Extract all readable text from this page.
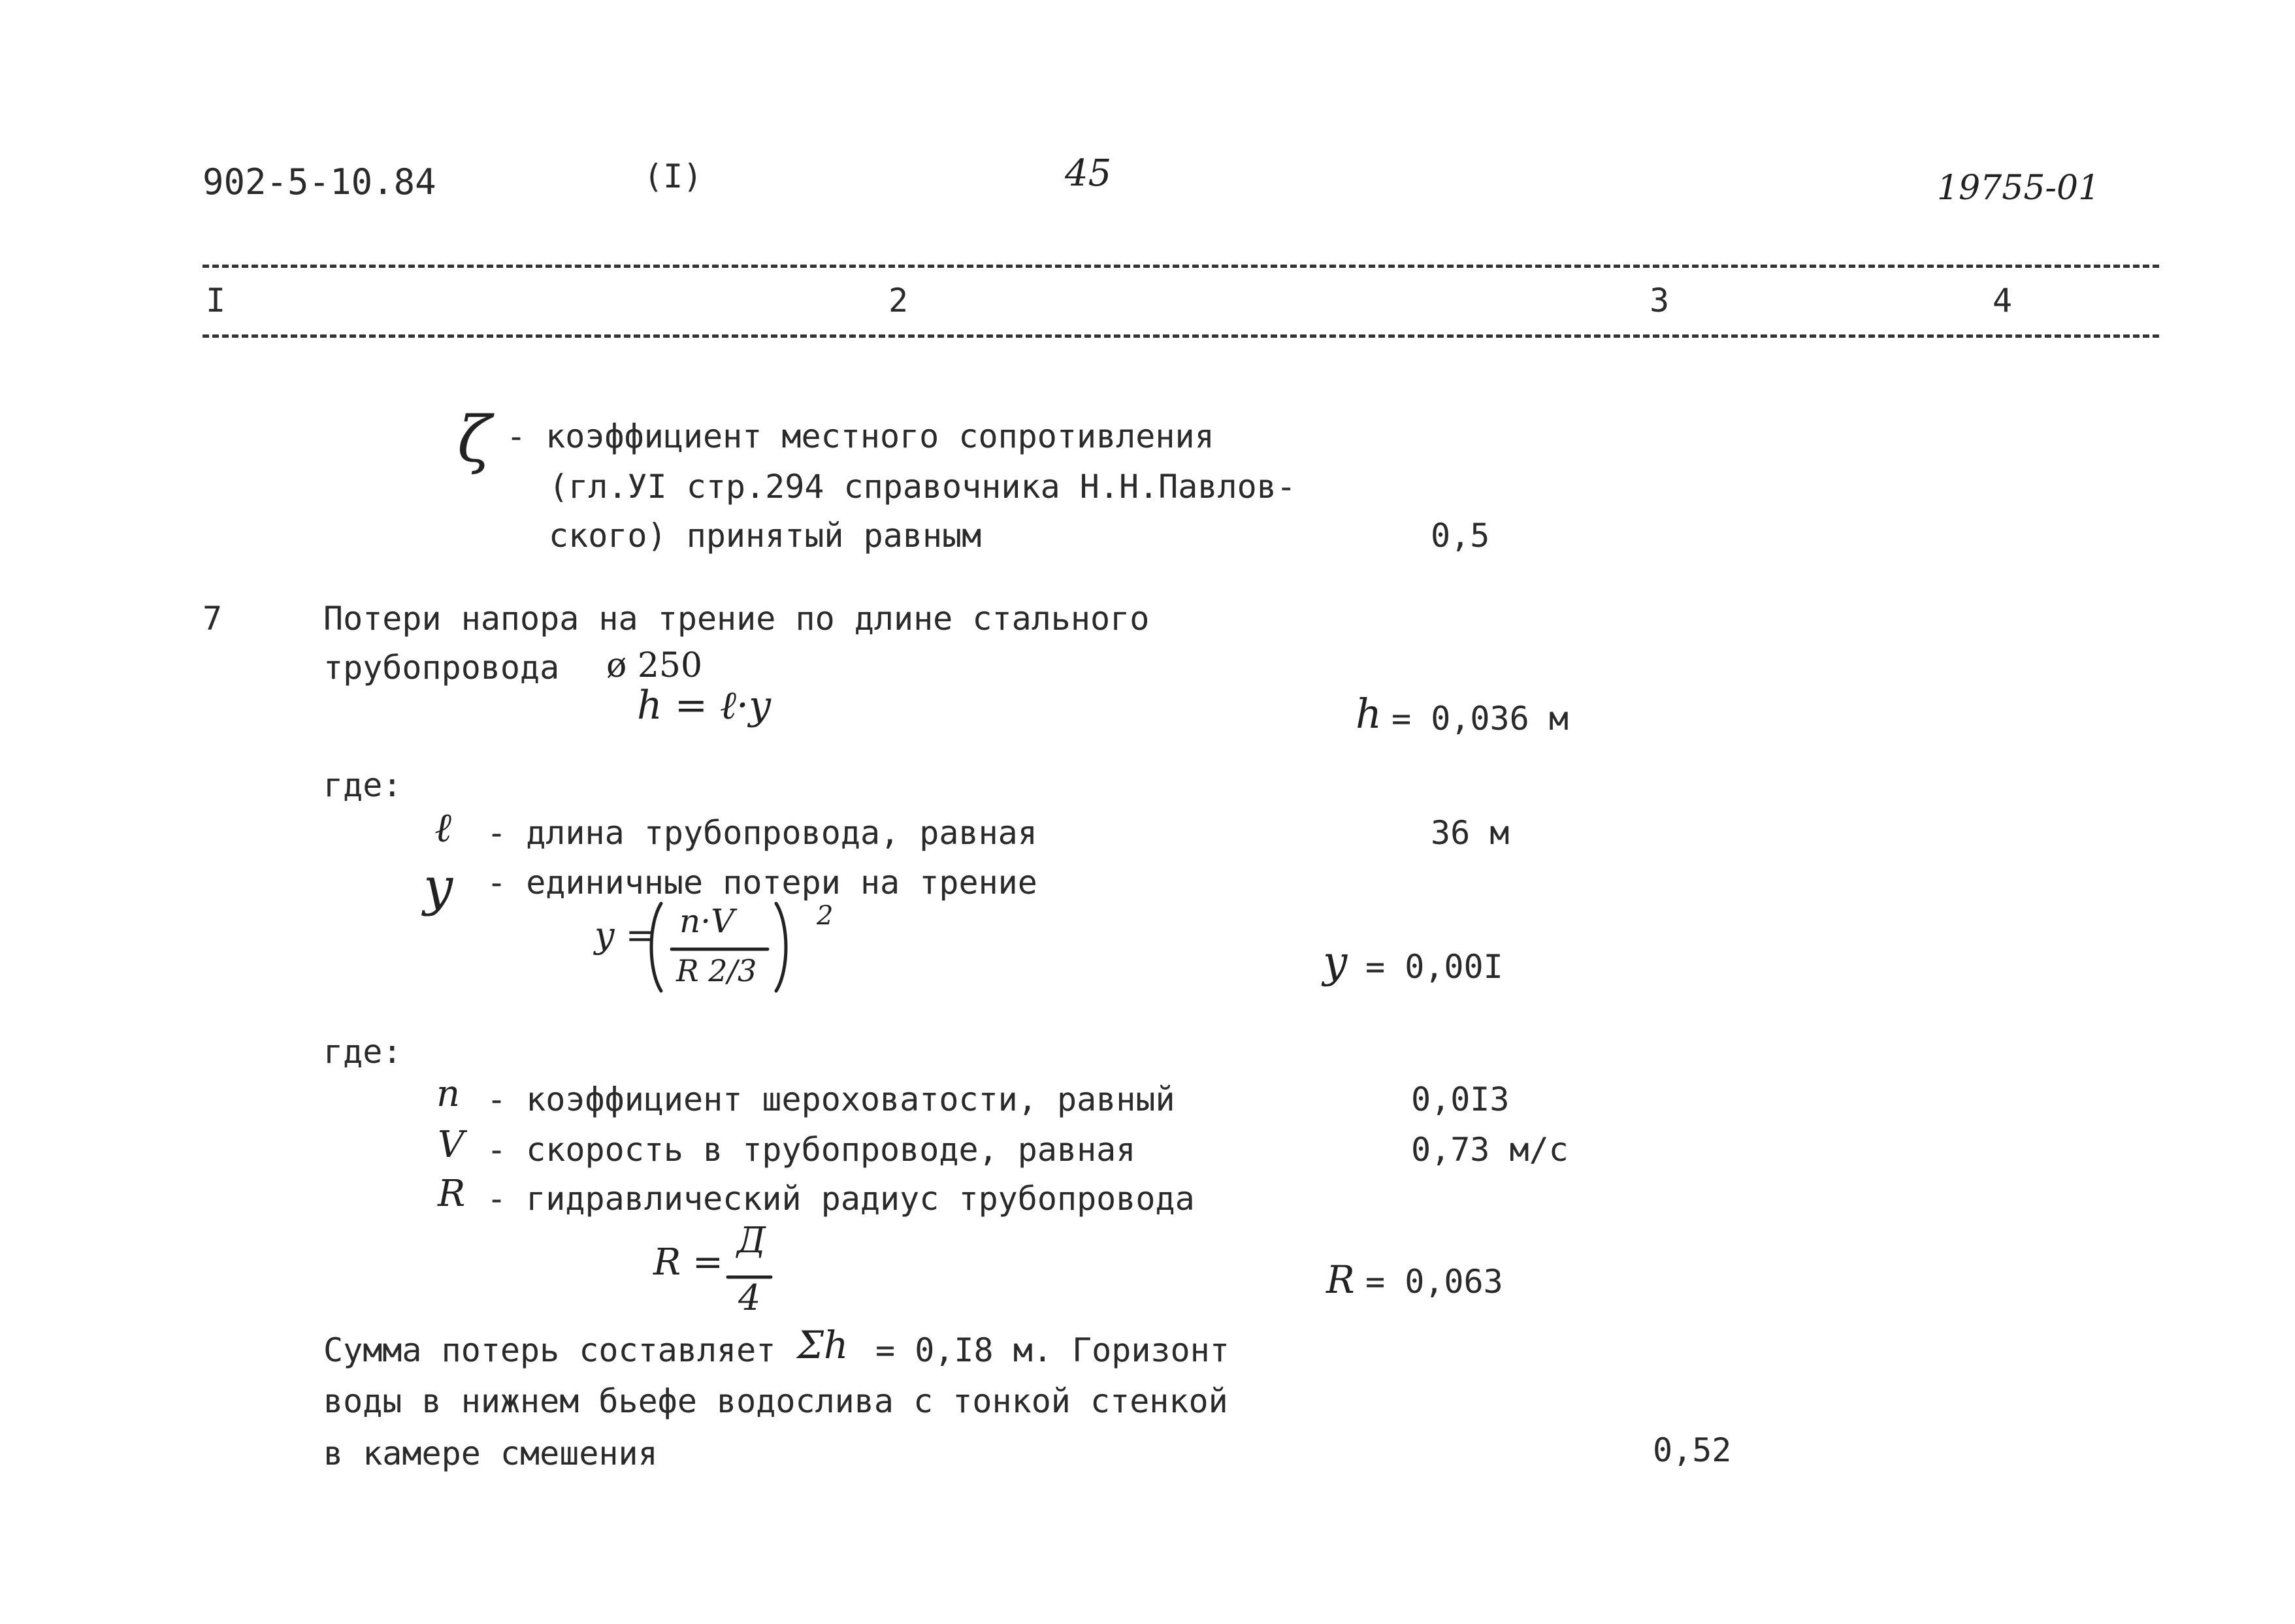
902-5-10.84	(I)	45	19755-01
I	2	3	4
ζ - коэффициент местного сопротивления
(гл.УI стр.294 справочника Н.Н.Павлов-
ского) принятый равным	0,5
7	Потери напора на трение по длине стального
трубопровода ø 250
h = ℓ·y	h = 0,036 м
где:
ℓ - длина трубопровода, равная	36 м
y - единичные потери на трение
y = n·V
R 2/3
2
y = 0,00I
где:
n - коэффициент шероховатости, равный	0,0I3
V - скорость в трубопроводе, равная	0,73 м/с
R - гидравлический радиус трубопровода
R =
Д
4	R = 0,063
Сумма потерь составляет Σh = 0,I8 м. Горизонт
воды в нижнем бьефе водослива с тонкой стенкой
в камере смешения	0,52
